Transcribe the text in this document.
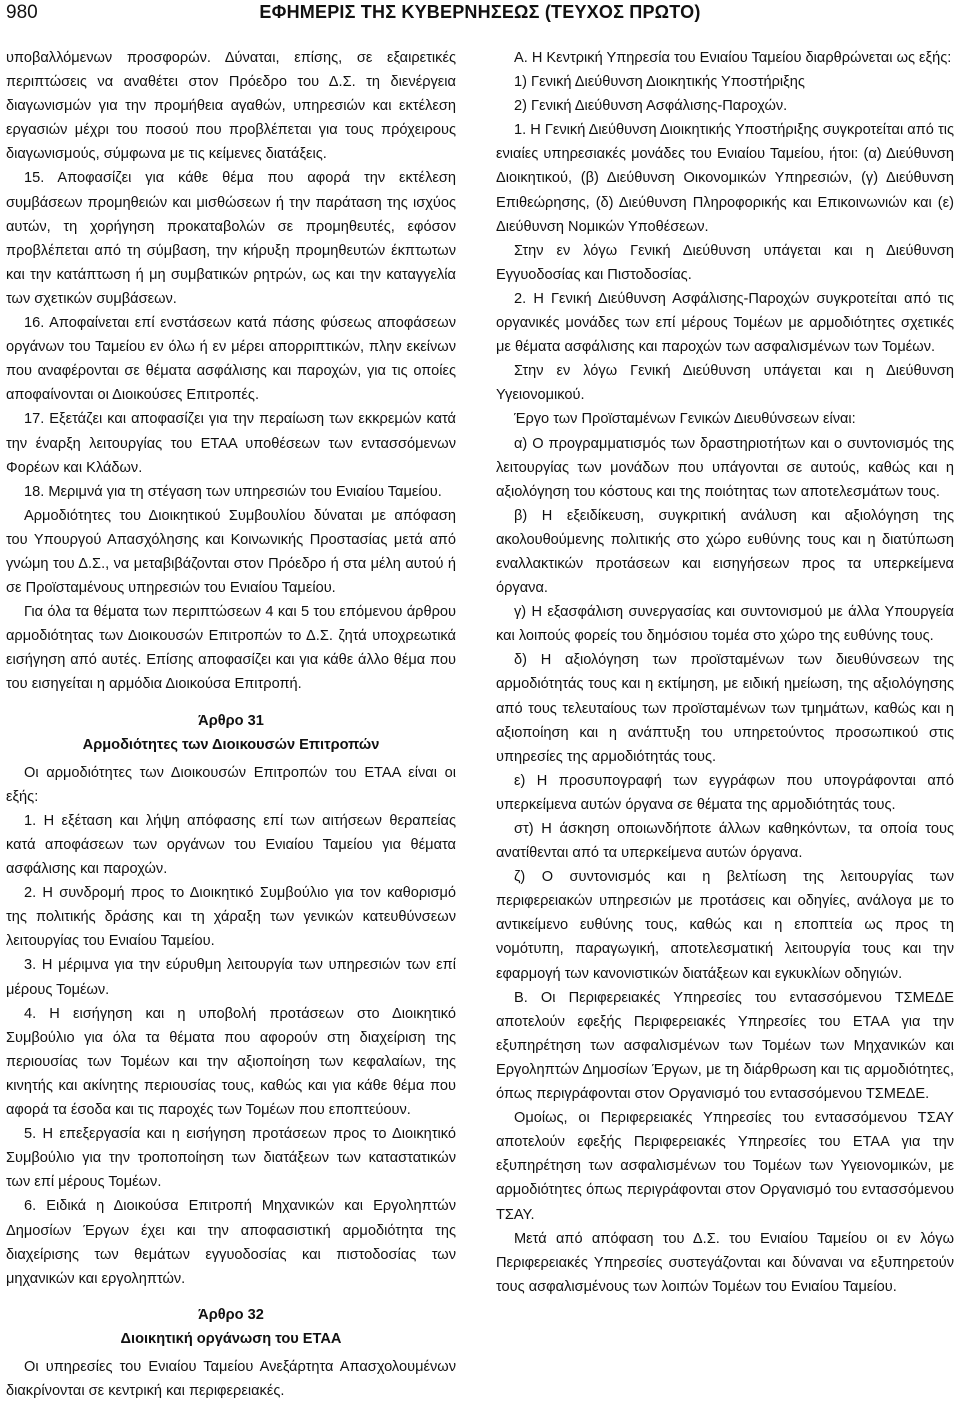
980	ΕΦΗΜΕΡΙΣ ΤΗΣ ΚΥΒΕΡΝΗΣΕΩΣ (ΤΕΥΧΟΣ ΠΡΩΤΟ)

υποβαλλόμενων προσφορών. Δύναται, επίσης, σε εξαιρετικές περιπτώσεις να αναθέτει στον Πρόεδρο του Δ.Σ. τη διενέργεια διαγωνισμών για την προμήθεια αγαθών, υπηρεσιών και εκτέλεση εργασιών μέχρι του ποσού που προβλέπεται για τους πρόχειρους διαγωνισμούς, σύμφωνα με τις κείμενες διατάξεις.

15. Αποφασίζει για κάθε θέμα που αφορά την εκτέλεση συμβάσεων προμηθειών και μισθώσεων ή την παράταση της ισχύος αυτών, τη χορήγηση προκαταβολών σε προμηθευτές, εφόσον προβλέπεται από τη σύμβαση, την κήρυξη προμηθευτών έκπτωτων και την κατάπτωση ή μη συμβατικών ρητρών, ως και την καταγγελία των σχετικών συμβάσεων.

16. Αποφαίνεται επί ενστάσεων κατά πάσης φύσεως αποφάσεων οργάνων του Ταμείου εν όλω ή εν μέρει απορριπτικών, πλην εκείνων που αναφέρονται σε θέματα ασφάλισης και παροχών, για τις οποίες αποφαίνονται οι Διοικούσες Επιτροπές.

17. Εξετάζει και αποφασίζει για την περαίωση των εκκρεμών κατά την έναρξη λειτουργίας του ΕΤΑΑ υποθέσεων των εντασσόμενων Φορέων και Κλάδων.

18. Μεριμνά για τη στέγαση των υπηρεσιών του Ενιαίου Ταμείου.

Αρμοδιότητες του Διοικητικού Συμβουλίου δύναται με απόφαση του Υπουργού Απασχόλησης και Κοινωνικής Προστασίας μετά από γνώμη του Δ.Σ., να μεταβιβάζονται στον Πρόεδρο ή στα μέλη αυτού ή σε Προϊσταμένους υπηρεσιών του Ενιαίου Ταμείου.

Για όλα τα θέματα των περιπτώσεων 4 και 5 του επόμενου άρθρου αρμοδιότητας των Διοικουσών Επιτροπών το Δ.Σ. ζητά υποχρεωτικά εισήγηση από αυτές. Επίσης αποφασίζει και για κάθε άλλο θέμα που του εισηγείται η αρμόδια Διοικούσα Επιτροπή.

Άρθρο 31

Αρμοδιότητες των Διοικουσών Επιτροπών

Οι αρμοδιότητες των Διοικουσών Επιτροπών του ΕΤΑΑ είναι οι εξής:

1. Η εξέταση και λήψη απόφασης επί των αιτήσεων θεραπείας κατά αποφάσεων των οργάνων του Ενιαίου Ταμείου για θέματα ασφάλισης και παροχών.

2. Η συνδρομή προς το Διοικητικό Συμβούλιο για τον καθορισμό της πολιτικής δράσης και τη χάραξη των γενικών κατευθύνσεων λειτουργίας του Ενιαίου Ταμείου.

3. Η μέριμνα για την εύρυθμη λειτουργία των υπηρεσιών των επί μέρους Τομέων.

4. Η εισήγηση και η υποβολή προτάσεων στο Διοικητικό Συμβούλιο για όλα τα θέματα που αφορούν στη διαχείριση της περιουσίας των Τομέων και την αξιοποίηση των κεφαλαίων, της κινητής και ακίνητης περιουσίας τους, καθώς και για κάθε θέμα που αφορά τα έσοδα και τις παροχές των Τομέων που εποπτεύουν.

5. Η επεξεργασία και η εισήγηση προτάσεων προς το Διοικητικό Συμβούλιο για την τροποποίηση των διατάξεων των καταστατικών των επί μέρους Τομέων.

6. Ειδικά η Διοικούσα Επιτροπή Μηχανικών και Εργοληπτών Δημοσίων Έργων έχει και την αποφασιστική αρμοδιότητα της διαχείρισης των θεμάτων εγγυοδοσίας και πιστοδοσίας των μηχανικών και εργοληπτών.

Άρθρο 32

Διοικητική οργάνωση του ΕΤΑΑ

Οι υπηρεσίες του Ενιαίου Ταμείου Ανεξάρτητα Απασχολουμένων διακρίνονται σε κεντρική και περιφερειακές.

Α. Η Κεντρική Υπηρεσία του Ενιαίου Ταμείου διαρθρώνεται ως εξής:

1) Γενική Διεύθυνση Διοικητικής Υποστήριξης

2) Γενική Διεύθυνση Ασφάλισης-Παροχών.

1. Η Γενική Διεύθυνση Διοικητικής Υποστήριξης συγκροτείται από τις ενιαίες υπηρεσιακές μονάδες του Ενιαίου Ταμείου, ήτοι: (α) Διεύθυνση Διοικητικού, (β) Διεύθυνση Οικονομικών Υπηρεσιών, (γ) Διεύθυνση Επιθεώρησης, (δ) Διεύθυνση Πληροφορικής και Επικοινωνιών και (ε) Διεύθυνση Νομικών Υποθέσεων.

Στην εν λόγω Γενική Διεύθυνση υπάγεται και η Διεύθυνση Εγγυοδοσίας και Πιστοδοσίας.

2. Η Γενική Διεύθυνση Ασφάλισης-Παροχών συγκροτείται από τις οργανικές μονάδες των επί μέρους Τομέων με αρμοδιότητες σχετικές με θέματα ασφάλισης και παροχών των ασφαλισμένων των Τομέων.

Στην εν λόγω Γενική Διεύθυνση υπάγεται και η Διεύθυνση Υγειονομικού.

Έργο των Προϊσταμένων Γενικών Διευθύνσεων είναι:

α) Ο προγραμματισμός των δραστηριοτήτων και ο συντονισμός της λειτουργίας των μονάδων που υπάγονται σε αυτούς, καθώς και η αξιολόγηση του κόστους και της ποιότητας των αποτελεσμάτων τους.

β) Η εξειδίκευση, συγκριτική ανάλυση και αξιολόγηση της ακολουθούμενης πολιτικής στο χώρο ευθύνης τους και η διατύπωση εναλλακτικών προτάσεων και εισηγήσεων προς τα υπερκείμενα όργανα.

γ) Η εξασφάλιση συνεργασίας και συντονισμού με άλλα Υπουργεία και λοιπούς φορείς του δημόσιου τομέα στο χώρο της ευθύνης τους.

δ) Η αξιολόγηση των προϊσταμένων των διευθύνσεων της αρμοδιότητάς τους και η εκτίμηση, με ειδική ημείωση, της αξιολόγησης από τους τελευταίους των προϊσταμένων των τμημάτων, καθώς και η αξιοποίηση και η ανάπτυξη του υπηρετούντος προσωπικού στις υπηρεσίες της αρμοδιότητάς τους.

ε) Η προσυπογραφή των εγγράφων που υπογράφονται από υπερκείμενα αυτών όργανα σε θέματα της αρμοδιότητάς τους.

στ) Η άσκηση οποιωνδήποτε άλλων καθηκόντων, τα οποία τους ανατίθενται από τα υπερκείμενα αυτών όργανα.

ζ) Ο συντονισμός και η βελτίωση της λειτουργίας των περιφερειακών υπηρεσιών με προτάσεις και οδηγίες, ανάλογα με το αντικείμενο ευθύνης τους, καθώς και η εποπτεία ως προς τη νομότυπη, παραγωγική, αποτελεσματική λειτουργία τους και την εφαρμογή των κανονιστικών διατάξεων και εγκυκλίων οδηγιών.

Β. Οι Περιφερειακές Υπηρεσίες του εντασσόμενου ΤΣΜΕΔΕ αποτελούν εφεξής Περιφερειακές Υπηρεσίες του ΕΤΑΑ για την εξυπηρέτηση των ασφαλισμένων των Τομέων των Μηχανικών και Εργοληπτών Δημοσίων Έργων, με τη διάρθρωση και τις αρμοδιότητες, όπως περιγράφονται στον Οργανισμό του εντασσόμενου ΤΣΜΕΔΕ.

Ομοίως, οι Περιφερειακές Υπηρεσίες του εντασσόμενου ΤΣΑΥ αποτελούν εφεξής Περιφερειακές Υπηρεσίες του ΕΤΑΑ για την εξυπηρέτηση των ασφαλισμένων του Τομέων των Υγειονομικών, με αρμοδιότητες όπως περιγράφονται στον Οργανισμό του εντασσόμενου ΤΣΑΥ.

Μετά από απόφαση του Δ.Σ. του Ενιαίου Ταμείου οι εν λόγω Περιφερειακές Υπηρεσίες συστεγάζονται και δύναναι να εξυπηρετούν τους ασφαλισμένους των λοιπών Τομέων του Ενιαίου Ταμείου.
